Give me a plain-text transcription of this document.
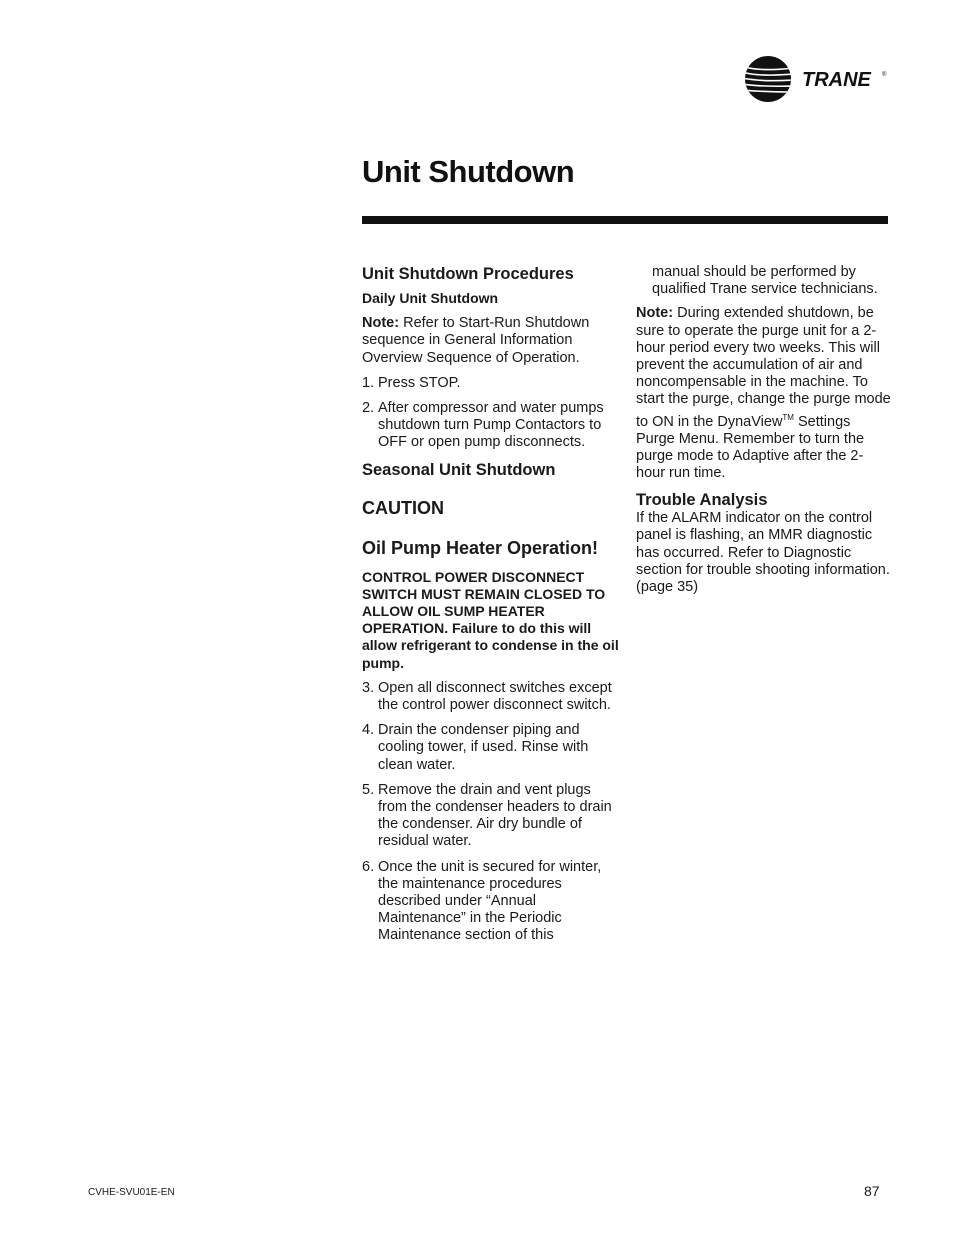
TRANE ®
Unit Shutdown
Unit Shutdown Procedures
Daily Unit Shutdown
Note: Refer to Start-Run Shutdown sequence in General Information Overview Sequence of Operation.
1. Press STOP.
2. After compressor and water pumps shutdown turn Pump Contactors to OFF or open pump disconnects.
Seasonal Unit Shutdown
CAUTION
Oil Pump Heater Operation!
CONTROL POWER DISCONNECT SWITCH MUST REMAIN CLOSED TO ALLOW OIL SUMP HEATER OPERATION. Failure to do this will allow refrigerant to condense in the oil pump.
3. Open all disconnect switches except the control power disconnect switch.
4. Drain the condenser piping and cooling tower, if used. Rinse with clean water.
5. Remove the drain and vent plugs from the condenser headers to drain the condenser. Air dry bundle of residual water.
6. Once the unit is secured for winter, the maintenance procedures described under “Annual Maintenance” in the Periodic Maintenance section of this
manual should be performed by qualified Trane service technicians.
Note: During extended shutdown, be sure to operate the purge unit for a 2-hour period every two weeks. This will prevent the accumulation of air and noncompensable in the machine. To start the purge, change the purge mode to ON in the DynaView™ Settings Purge Menu. Remember to turn the purge mode to Adaptive after the 2-hour run time.
Trouble Analysis
If the ALARM indicator on the control panel is flashing, an MMR diagnostic has occurred. Refer to Diagnostic section for trouble shooting information. (page 35)
CVHE-SVU01E-EN	87
